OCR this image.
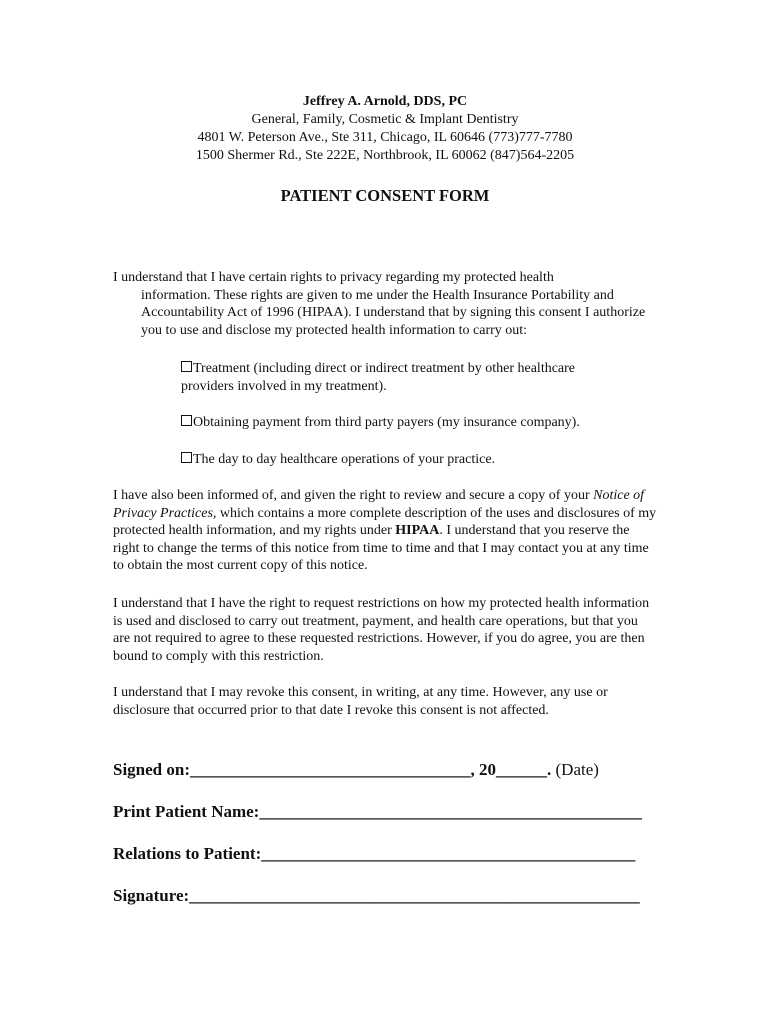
Jeffrey A. Arnold, DDS, PC
General, Family, Cosmetic & Implant Dentistry
4801 W. Peterson Ave., Ste 311, Chicago, IL 60646 (773)777-7780
1500 Shermer Rd., Ste 222E, Northbrook, IL 60062 (847)564-2205
PATIENT CONSENT FORM
I understand that I have certain rights to privacy regarding my protected health
information. These rights are given to me under the Health Insurance Portability and Accountability Act of 1996 (HIPAA). I understand that by signing this consent I authorize you to use and disclose my protected health information to carry out:
Treatment (including direct or indirect treatment by other healthcare providers involved in my treatment).
Obtaining payment from third party payers (my insurance company).
The day to day healthcare operations of your practice.
I have also been informed of, and given the right to review and secure a copy of your Notice of Privacy Practices, which contains a more complete description of the uses and disclosures of my protected health information, and my rights under HIPAA. I understand that you reserve the right to change the terms of this notice from time to time and that I may contact you at any time to obtain the most current copy of this notice.
I understand that I have the right to request restrictions on how my protected health information is used and disclosed to carry out treatment, payment, and health care operations, but that you are not required to agree to these requested restrictions. However, if you do agree, you are then bound to comply with this restriction.
I understand that I may revoke this consent, in writing, at any time. However, any use or disclosure that occurred prior to that date I revoke this consent is not affected.
Signed on:_________________________________, 20______. (Date)
Print Patient Name:_____________________________________________
Relations to Patient:____________________________________________
Signature:_____________________________________________________
